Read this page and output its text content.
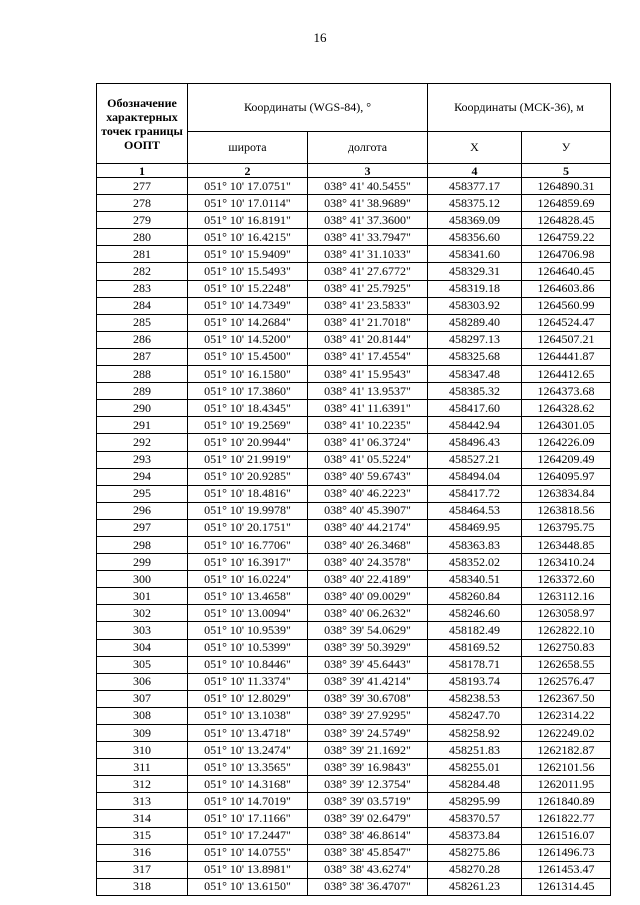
16
Обозначение характерных точек границы ООПТ	Координаты (WGS-84), °		Координаты (МСК-36), м	
	широта	долгота	Х	У
1	2	3	4	5
277	051° 10' 17.0751"	038° 41' 40.5455"	458377.17	1264890.31
278	051° 10' 17.0114"	038° 41' 38.9689"	458375.12	1264859.69
279	051° 10' 16.8191"	038° 41' 37.3600"	458369.09	1264828.45
280	051° 10' 16.4215"	038° 41' 33.7947"	458356.60	1264759.22
281	051° 10' 15.9409"	038° 41' 31.1033"	458341.60	1264706.98
282	051° 10' 15.5493"	038° 41' 27.6772"	458329.31	1264640.45
283	051° 10' 15.2248"	038° 41' 25.7925"	458319.18	1264603.86
284	051° 10' 14.7349"	038° 41' 23.5833"	458303.92	1264560.99
285	051° 10' 14.2684"	038° 41' 21.7018"	458289.40	1264524.47
286	051° 10' 14.5200"	038° 41' 20.8144"	458297.13	1264507.21
287	051° 10' 15.4500"	038° 41' 17.4554"	458325.68	1264441.87
288	051° 10' 16.1580"	038° 41' 15.9543"	458347.48	1264412.65
289	051° 10' 17.3860"	038° 41' 13.9537"	458385.32	1264373.68
290	051° 10' 18.4345"	038° 41' 11.6391"	458417.60	1264328.62
291	051° 10' 19.2569"	038° 41' 10.2235"	458442.94	1264301.05
292	051° 10' 20.9944"	038° 41' 06.3724"	458496.43	1264226.09
293	051° 10' 21.9919"	038° 41' 05.5224"	458527.21	1264209.49
294	051° 10' 20.9285"	038° 40' 59.6743"	458494.04	1264095.97
295	051° 10' 18.4816"	038° 40' 46.2223"	458417.72	1263834.84
296	051° 10' 19.9978"	038° 40' 45.3907"	458464.53	1263818.56
297	051° 10' 20.1751"	038° 40' 44.2174"	458469.95	1263795.75
298	051° 10' 16.7706"	038° 40' 26.3468"	458363.83	1263448.85
299	051° 10' 16.3917"	038° 40' 24.3578"	458352.02	1263410.24
300	051° 10' 16.0224"	038° 40' 22.4189"	458340.51	1263372.60
301	051° 10' 13.4658"	038° 40' 09.0029"	458260.84	1263112.16
302	051° 10' 13.0094"	038° 40' 06.2632"	458246.60	1263058.97
303	051° 10' 10.9539"	038° 39' 54.0629"	458182.49	1262822.10
304	051° 10' 10.5399"	038° 39' 50.3929"	458169.52	1262750.83
305	051° 10' 10.8446"	038° 39' 45.6443"	458178.71	1262658.55
306	051° 10' 11.3374"	038° 39' 41.4214"	458193.74	1262576.47
307	051° 10' 12.8029"	038° 39' 30.6708"	458238.53	1262367.50
308	051° 10' 13.1038"	038° 39' 27.9295"	458247.70	1262314.22
309	051° 10' 13.4718"	038° 39' 24.5749"	458258.92	1262249.02
310	051° 10' 13.2474"	038° 39' 21.1692"	458251.83	1262182.87
311	051° 10' 13.3565"	038° 39' 16.9843"	458255.01	1262101.56
312	051° 10' 14.3168"	038° 39' 12.3754"	458284.48	1262011.95
313	051° 10' 14.7019"	038° 39' 03.5719"	458295.99	1261840.89
314	051° 10' 17.1166"	038° 39' 02.6479"	458370.57	1261822.77
315	051° 10' 17.2447"	038° 38' 46.8614"	458373.84	1261516.07
316	051° 10' 14.0755"	038° 38' 45.8547"	458275.86	1261496.73
317	051° 10' 13.8981"	038° 38' 43.6274"	458270.28	1261453.47
318	051° 10' 13.6150"	038° 38' 36.4707"	458261.23	1261314.45
